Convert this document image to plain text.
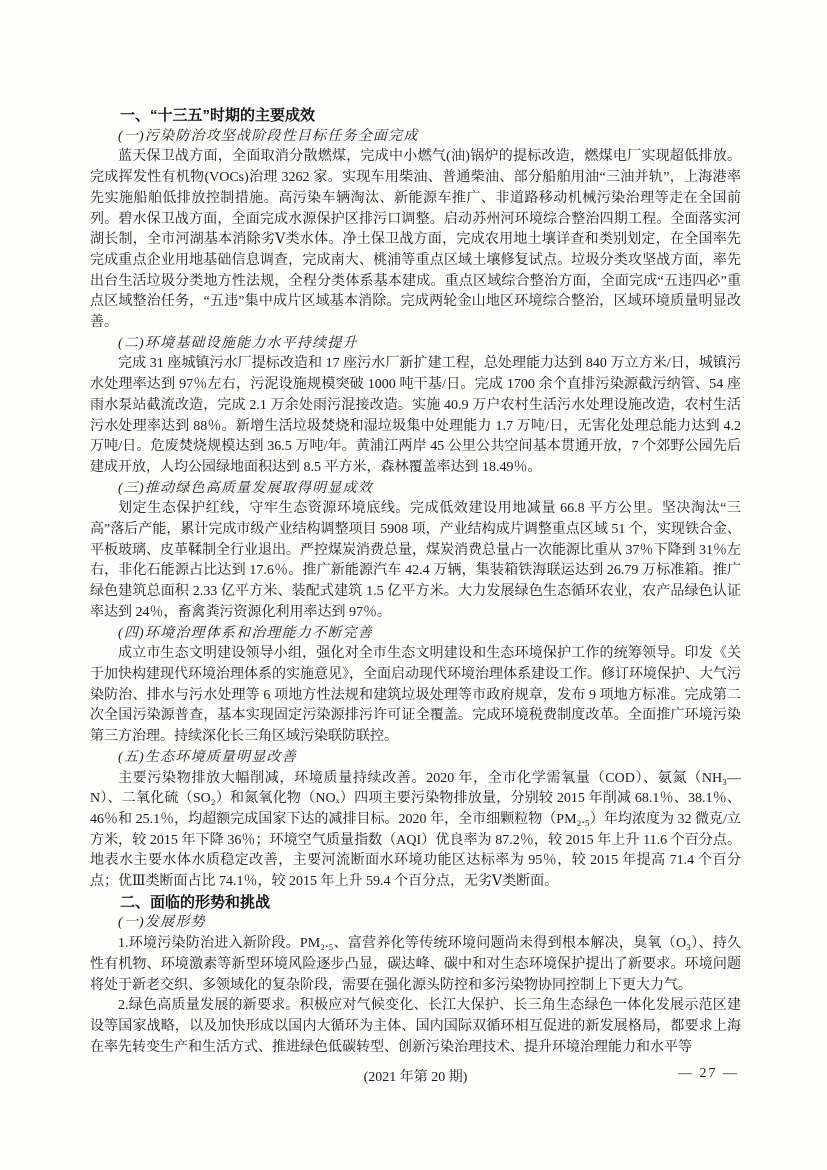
一、“十三五”时期的主要成效
(一)污染防治攻坚战阶段性目标任务全面完成

蓝天保卫战方面，全面取消分散燃煤，完成中小燃气(油)锅炉的提标改造，燃煤电厂实现超低排放。完成挥发性有机物(VOCs)治理 3262 家。实现车用柴油、普通柴油、部分船舶用油“三油并轨”，上海港率先实施船舶低排放控制措施。高污染车辆淘汰、新能源车推广、非道路移动机械污染治理等走在全国前列。碧水保卫战方面，全面完成水源保护区排污口调整。启动苏州河环境综合整治四期工程。全面落实河湖长制，全市河湖基本消除劣Ⅴ类水体。净土保卫战方面，完成农用地土壤详查和类别划定，在全国率先完成重点企业用地基础信息调查，完成南大、桃浦等重点区域土壤修复试点。垃圾分类攻坚战方面，率先出台生活垃圾分类地方性法规，全程分类体系基本建成。重点区域综合整治方面，全面完成“五违四必”重点区域整治任务，“五违”集中成片区域基本消除。完成两轮金山地区环境综合整治，区域环境质量明显改善。

(二)环境基础设施能力水平持续提升

完成 31 座城镇污水厂提标改造和 17 座污水厂新扩建工程，总处理能力达到 840 万立方米/日，城镇污水处理率达到 97％左右，污泥设施规模突破 1000 吨干基/日。完成 1700 余个直排污染源截污纳管、54 座雨水泵站截流改造，完成 2.1 万余处雨污混接改造。实施 40.9 万户农村生活污水处理设施改造，农村生活污水处理率达到 88％。新增生活垃圾焚烧和湿垃圾集中处理能力 1.7 万吨/日，无害化处理总能力达到 4.2 万吨/日。危废焚烧规模达到 36.5 万吨/年。黄浦江两岸 45 公里公共空间基本贯通开放，7 个郊野公园先后建成开放，人均公园绿地面积达到 8.5 平方米，森林覆盖率达到 18.49％。

(三)推动绿色高质量发展取得明显成效

划定生态保护红线，守牢生态资源环境底线。完成低效建设用地减量 66.8 平方公里。坚决淘汰“三高”落后产能，累计完成市级产业结构调整项目 5908 项，产业结构成片调整重点区域 51 个，实现铁合金、平板玻璃、皮革鞣制全行业退出。严控煤炭消费总量，煤炭消费总量占一次能源比重从 37％下降到 31％左右，非化石能源占比达到 17.6％。推广新能源汽车 42.4 万辆，集装箱铁海联运达到 26.79 万标准箱。推广绿色建筑总面积 2.33 亿平方米、装配式建筑 1.5 亿平方米。大力发展绿色生态循环农业，农产品绿色认证率达到 24％，畜禽粪污资源化利用率达到 97％。

(四)环境治理体系和治理能力不断完善

成立市生态文明建设领导小组，强化对全市生态文明建设和生态环境保护工作的统筹领导。印发《关于加快构建现代环境治理体系的实施意见》，全面启动现代环境治理体系建设工作。修订环境保护、大气污染防治、排水与污水处理等 6 项地方性法规和建筑垃圾处理等市政府规章，发布 9 项地方标准。完成第二次全国污染源普查，基本实现固定污染源排污许可证全覆盖。完成环境税费制度改革。全面推广环境污染第三方治理。持续深化长三角区域污染联防联控。

(五)生态环境质量明显改善

主要污染物排放大幅削减，环境质量持续改善。2020 年，全市化学需氧量（COD）、氨氮（NH₃—N）、二氧化硫（SO₂）和氮氧化物（NOₓ）四项主要污染物排放量，分别较 2015 年削减 68.1％、38.1％、46％和 25.1％，均超额完成国家下达的减排目标。2020 年，全市细颗粒物（PM₂.₅）年均浓度为 32 微克/立方米，较 2015 年下降 36％；环境空气质量指数（AQI）优良率为 87.2％，较 2015 年上升 11.6 个百分点。地表水主要水体水质稳定改善，主要河流断面水环境功能区达标率为 95％，较 2015 年提高 71.4 个百分点；优Ⅲ类断面占比 74.1％，较 2015 年上升 59.4 个百分点，无劣Ⅴ类断面。

二、面临的形势和挑战
(一)发展形势

1.环境污染防治进入新阶段。PM₂.₅、富营养化等传统环境问题尚未得到根本解决，臭氧（O₃）、持久性有机物、环境激素等新型环境风险逐步凸显，碳达峰、碳中和对生态环境保护提出了新要求。环境问题将处于新老交织、多领域化的复杂阶段，需要在强化源头防控和多污染物协同控制上下更大力气。

2.绿色高质量发展的新要求。积极应对气候变化、长江大保护、长三角生态绿色一体化发展示范区建设等国家战略，以及加快形成以国内大循环为主体、国内国际双循环相互促进的新发展格局，都要求上海在率先转变生产和生活方式、推进绿色低碳转型、创新污染治理技术、提升环境治理能力和水平等

(2021 年第 20 期)	— 27 —
